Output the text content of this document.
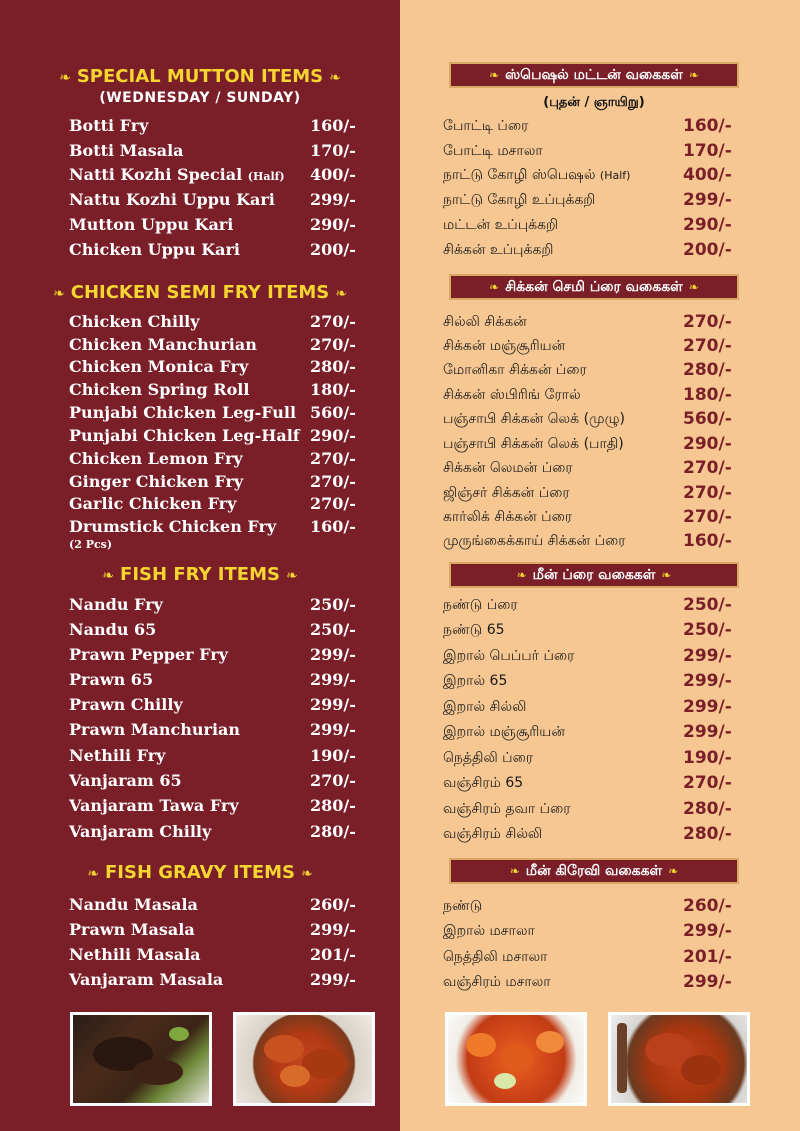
❧ SPECIAL MUTTON ITEMS ❧
(WEDNESDAY / SUNDAY)
Botti Fry	160/-
Botti Masala	170/-
Natti Kozhi Special (Half) 400/-
Nattu Kozhi Uppu Kari 299/-
Mutton Uppu Kari	290/-
Chicken Uppu Kari	200/-
❧ CHICKEN SEMI FRY ITEMS ❧
Chicken Chilly	270/-
Chicken Manchurian	270/-
Chicken Monica Fry	280/-
Chicken Spring Roll	180/-
Punjabi Chicken Leg-Full 560/-
Punjabi Chicken Leg-Half 290/-
Chicken Lemon Fry	270/-
Ginger Chicken Fry	270/-
Garlic Chicken Fry	270/-
Drumstick Chicken Fry 160/-
(2 Pcs)
❧ FISH FRY ITEMS ❧
Nandu Fry	250/-
Nandu 65	250/-
Prawn Pepper Fry	299/-
Prawn 65	299/-
Prawn Chilly	299/-
Prawn Manchurian	299/-
Nethili Fry	190/-
Vanjaram 65	270/-
Vanjaram Tawa Fry	280/-
Vanjaram Chilly	280/-
❧ FISH GRAVY ITEMS ❧
Nandu Masala	260/-
Prawn Masala	299/-
Nethili Masala	201/-
Vanjaram Masala	299/-
❧ ஸ்பெஷல் மட்டன் வகைகள் ❧
(புதன் / ஞாயிறு)
போட்டி ப்ரை	160/-
போட்டி மசாலா	170/-
நாட்டு கோழி ஸ்பெஷல் (Half)	400/-
நாட்டு கோழி உப்புக்கறி	299/-
மட்டன் உப்புக்கறி	290/-
சிக்கன் உப்புக்கறி	200/-
❧ சிக்கன் செமி ப்ரை வகைகள் ❧
சில்லி சிக்கன்	270/-
சிக்கன் மஞ்சூரியன்	270/-
மோனிகா சிக்கன் ப்ரை	280/-
சிக்கன் ஸ்பிரிங் ரோல்	180/-
பஞ்சாபி சிக்கன் லெக் (முழு)	560/-
பஞ்சாபி சிக்கன் லெக் (பாதி)	290/-
சிக்கன் லெமன் ப்ரை	270/-
ஜிஞ்சர் சிக்கன் ப்ரை	270/-
கார்லிக் சிக்கன் ப்ரை	270/-
முருங்கைக்காய் சிக்கன் ப்ரை	160/-
❧ மீன் ப்ரை வகைகள் ❧
நண்டு ப்ரை	250/-
நண்டு 65	250/-
இறால் பெப்பர் ப்ரை	299/-
இறால் 65	299/-
இறால் சில்லி	299/-
இறால் மஞ்சூரியன்	299/-
நெத்திலி ப்ரை	190/-
வஞ்சிரம் 65	270/-
வஞ்சிரம் தவா ப்ரை	280/-
வஞ்சிரம் சில்லி	280/-
❧ மீன் கிரேவி வகைகள் ❧
நண்டு	260/-
இறால் மசாலா	299/-
நெத்திலி மசாலா	201/-
வஞ்சிரம் மசாலா	299/-
